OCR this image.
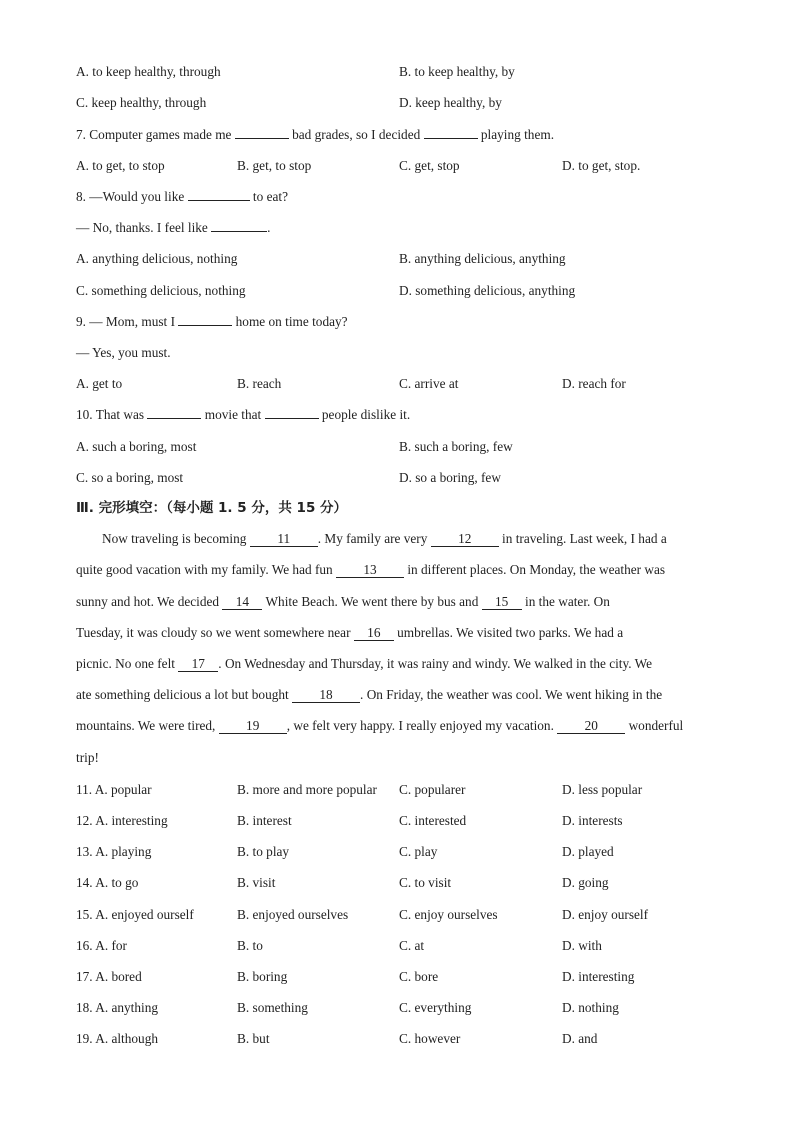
A. to keep healthy, through	B. to keep healthy, by
C. keep healthy, through	D. keep healthy, by
7. Computer games made me	bad grades, so I decided	playing them.
A. to get, to stop	B. get, to stop	C. get, stop	D. to get, stop.
8. —Would you like	to eat?
— No, thanks. I feel like	.
A. anything delicious, nothing	B. anything delicious, anything
C. something delicious, nothing	D. something delicious, anything
9. — Mom, must I	home on time today?
— Yes, you must.
A. get to	B. reach	C. arrive at	D. reach for
10. That was	movie that	people dislike it.
A. such a boring, most	B. such a boring, few
C. so a boring, most	D. so a boring, few
Ⅲ. 完形填空：（每小题 1. 5 分，共 15 分）
Now traveling is becoming 11 . My family are very 12 in traveling. Last week, I had a
quite good vacation with my family. We had fun 13 in different places. On Monday, the weather was
sunny and hot. We decided 14 White Beach. We went there by bus and 15 in the water. On
Tuesday, it was cloudy so we went somewhere near 16 umbrellas. We visited two parks. We had a
picnic. No one felt 17 . On Wednesday and Thursday, it was rainy and windy. We walked in the city. We
ate something delicious a lot but bought 18 . On Friday, the weather was cool. We went hiking in the
mountains. We were tired, 19 , we felt very happy. I really enjoyed my vacation. 20 wonderful
trip!
11. A. popular	B. more and more popular C. popularer	D. less popular
12. A. interesting	B. interest	C. interested	D. interests
13. A. playing	B. to play	C. play	D. played
14. A. to go	B. visit	C. to visit	D. going
15. A. enjoyed ourself	B. enjoyed ourselves	C. enjoy ourselves	D. enjoy ourself
16. A. for	B. to	C. at	D. with
17. A. bored	B. boring	C. bore	D. interesting
18. A. anything	B. something	C. everything	D. nothing
19. A. although	B. but	C. however	D. and
